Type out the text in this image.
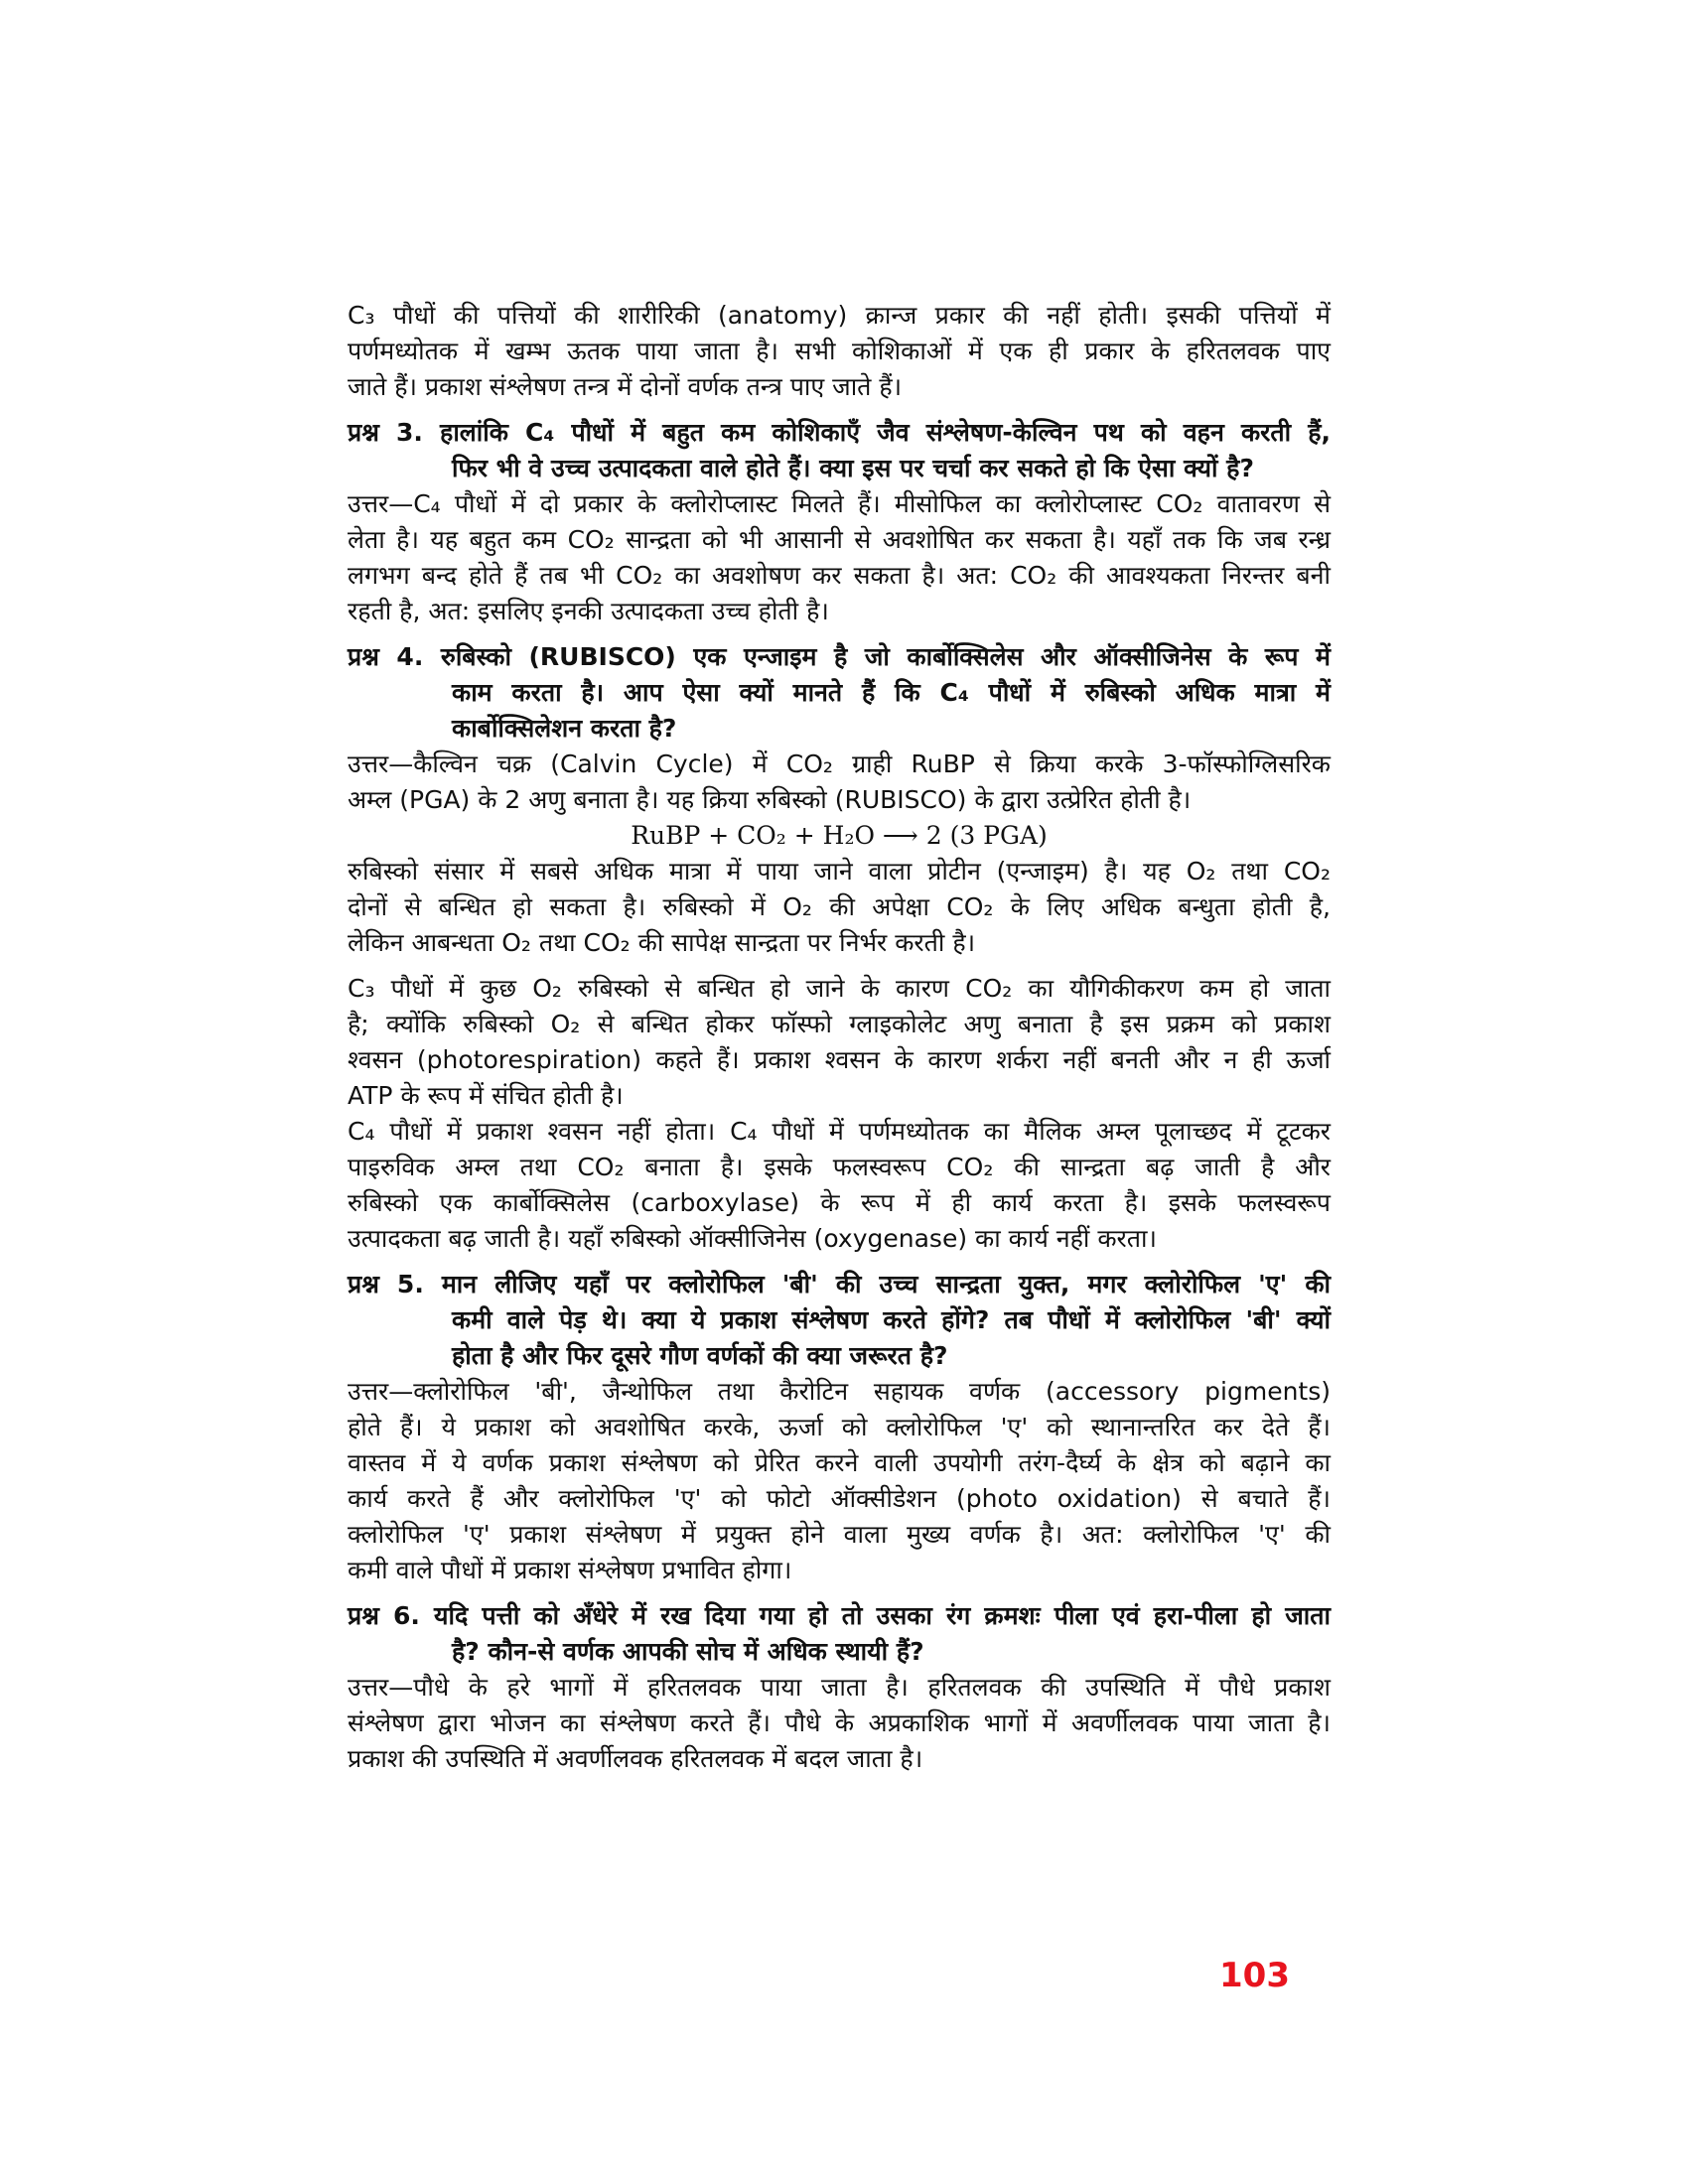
C₃ पौधों की पत्तियों की शारीरिकी (anatomy) क्रान्ज प्रकार की नहीं होती। इसकी पत्तियों में

पर्णमध्योतक में खम्भ ऊतक पाया जाता है। सभी कोशिकाओं में एक ही प्रकार के हरितलवक पाए

जाते हैं। प्रकाश संश्लेषण तन्त्र में दोनों वर्णक तन्त्र पाए जाते हैं।

प्रश्न 3. हालांकि C₄ पौधों में बहुत कम कोशिकाएँ जैव संश्लेषण-केल्विन पथ को वहन करती हैं,

फिर भी वे उच्च उत्पादकता वाले होते हैं। क्या इस पर चर्चा कर सकते हो कि ऐसा क्यों है?

उत्तर—C₄ पौधों में दो प्रकार के क्लोरोप्लास्ट मिलते हैं। मीसोफिल का क्लोरोप्लास्ट CO₂ वातावरण से

लेता है। यह बहुत कम CO₂ सान्द्रता को भी आसानी से अवशोषित कर सकता है। यहाँ तक कि जब रन्ध्र

लगभग बन्द होते हैं तब भी CO₂ का अवशोषण कर सकता है। अत: CO₂ की आवश्यकता निरन्तर बनी

रहती है, अत: इसलिए इनकी उत्पादकता उच्च होती है।

प्रश्न 4. रुबिस्को (RUBISCO) एक एन्जाइम है जो कार्बोक्सिलेस और ऑक्सीजिनेस के रूप में

काम करता है। आप ऐसा क्यों मानते हैं कि C₄ पौधों में रुबिस्को अधिक मात्रा में

कार्बोक्सिलेशन करता है?

उत्तर—कैल्विन चक्र (Calvin Cycle) में CO₂ ग्राही RuBP से क्रिया करके 3-फॉस्फोग्लिसरिक

अम्ल (PGA) के 2 अणु बनाता है। यह क्रिया रुबिस्को (RUBISCO) के द्वारा उत्प्रेरित होती है।

RuBP + CO₂ + H₂O ⟶ 2 (3 PGA)

रुबिस्को संसार में सबसे अधिक मात्रा में पाया जाने वाला प्रोटीन (एन्जाइम) है। यह O₂ तथा CO₂

दोनों से बन्धित हो सकता है। रुबिस्को में O₂ की अपेक्षा CO₂ के लिए अधिक बन्धुता होती है,

लेकिन आबन्धता O₂ तथा CO₂ की सापेक्ष सान्द्रता पर निर्भर करती है।

C₃ पौधों में कुछ O₂ रुबिस्को से बन्धित हो जाने के कारण CO₂ का यौगिकीकरण कम हो जाता

है; क्योंकि रुबिस्को O₂ से बन्धित होकर फॉस्फो ग्लाइकोलेट अणु बनाता है इस प्रक्रम को प्रकाश

श्वसन (photorespiration) कहते हैं। प्रकाश श्वसन के कारण शर्करा नहीं बनती और न ही ऊर्जा

ATP के रूप में संचित होती है।

C₄ पौधों में प्रकाश श्वसन नहीं होता। C₄ पौधों में पर्णमध्योतक का मैलिक अम्ल पूलाच्छद में टूटकर

पाइरुविक अम्ल तथा CO₂ बनाता है। इसके फलस्वरूप CO₂ की सान्द्रता बढ़ जाती है और

रुबिस्को एक कार्बोक्सिलेस (carboxylase) के रूप में ही कार्य करता है। इसके फलस्वरूप

उत्पादकता बढ़ जाती है। यहाँ रुबिस्को ऑक्सीजिनेस (oxygenase) का कार्य नहीं करता।

प्रश्न 5. मान लीजिए यहाँ पर क्लोरोफिल 'बी' की उच्च सान्द्रता युक्त, मगर क्लोरोफिल 'ए' की

कमी वाले पेड़ थे। क्या ये प्रकाश संश्लेषण करते होंगे? तब पौधों में क्लोरोफिल 'बी' क्यों

होता है और फिर दूसरे गौण वर्णकों की क्या जरूरत है?

उत्तर—क्लोरोफिल 'बी', जैन्थोफिल तथा कैरोटिन सहायक वर्णक (accessory pigments)

होते हैं। ये प्रकाश को अवशोषित करके, ऊर्जा को क्लोरोफिल 'ए' को स्थानान्तरित कर देते हैं।

वास्तव में ये वर्णक प्रकाश संश्लेषण को प्रेरित करने वाली उपयोगी तरंग-दैर्घ्य के क्षेत्र को बढ़ाने का

कार्य करते हैं और क्लोरोफिल 'ए' को फोटो ऑक्सीडेशन (photo oxidation) से बचाते हैं।

क्लोरोफिल 'ए' प्रकाश संश्लेषण में प्रयुक्त होने वाला मुख्य वर्णक है। अत: क्लोरोफिल 'ए' की

कमी वाले पौधों में प्रकाश संश्लेषण प्रभावित होगा।

प्रश्न 6. यदि पत्ती को अँधेरे में रख दिया गया हो तो उसका रंग क्रमशः पीला एवं हरा-पीला हो जाता

है? कौन-से वर्णक आपकी सोच में अधिक स्थायी हैं?

उत्तर—पौधे के हरे भागों में हरितलवक पाया जाता है। हरितलवक की उपस्थिति में पौधे प्रकाश

संश्लेषण द्वारा भोजन का संश्लेषण करते हैं। पौधे के अप्रकाशिक भागों में अवर्णीलवक पाया जाता है।

प्रकाश की उपस्थिति में अवर्णीलवक हरितलवक में बदल जाता है।

103
